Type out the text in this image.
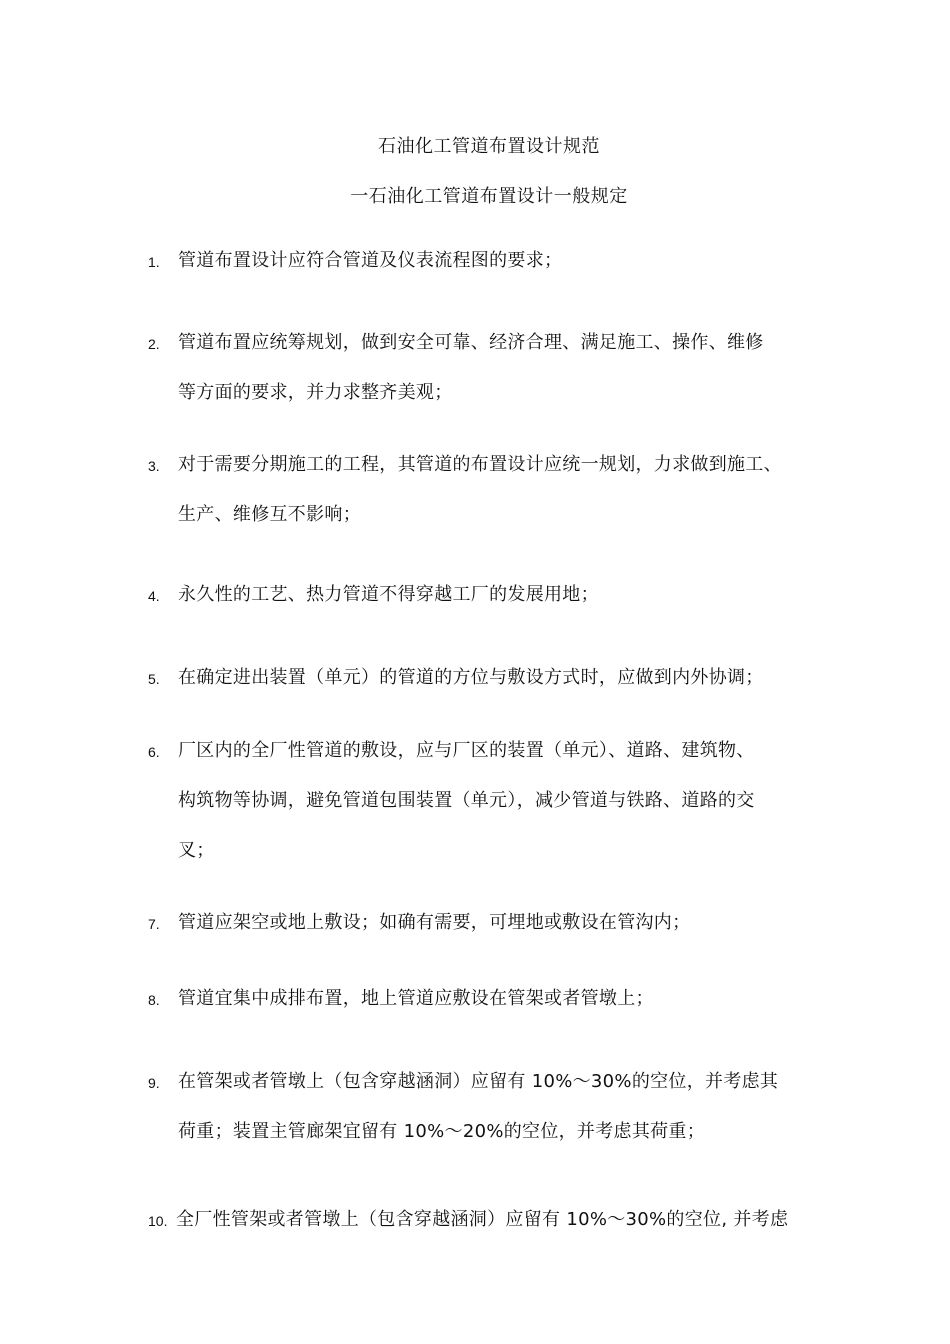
石油化工管道布置设计规范
一石油化工管道布置设计一般规定
1. 管道布置设计应符合管道及仪表流程图的要求；
2. 管道布置应统筹规划，做到安全可靠、经济合理、满足施工、操作、维修
等方面的要求，并力求整齐美观；
3. 对于需要分期施工的工程，其管道的布置设计应统一规划，力求做到施工、
生产、维修互不影响；
4. 永久性的工艺、热力管道不得穿越工厂的发展用地；
5. 在确定进出装置（单元）的管道的方位与敷设方式时，应做到内外协调；
6. 厂区内的全厂性管道的敷设，应与厂区的装置（单元）、道路、建筑物、
构筑物等协调，避免管道包围装置（单元），减少管道与铁路、道路的交
叉；
7. 管道应架空或地上敷设；如确有需要，可埋地或敷设在管沟内；
8. 管道宜集中成排布置，地上管道应敷设在管架或者管墩上；
9. 在管架或者管墩上（包含穿越涵洞）应留有 10%〜30%的空位，并考虑其
荷重；装置主管廊架宜留有 10%〜20%的空位，并考虑其荷重；
10. 全厂性管架或者管墩上（包含穿越涵洞）应留有 10%〜30%的空位, 并考虑
